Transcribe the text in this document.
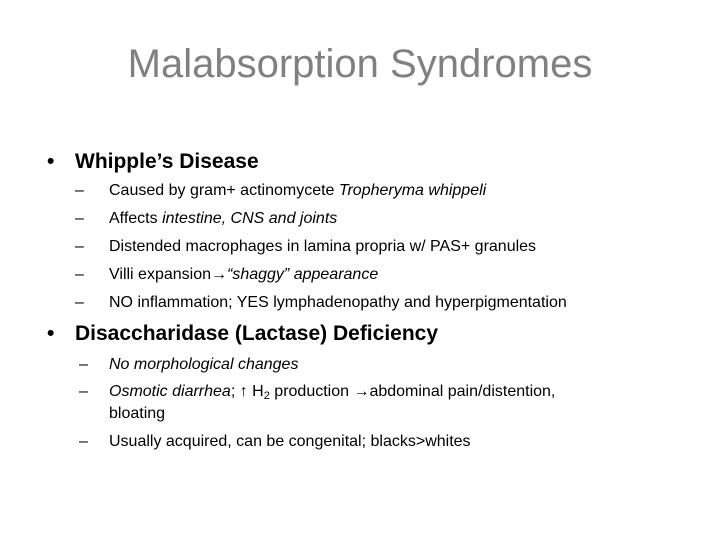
Malabsorption Syndromes
• Whipple’s Disease
– Caused by gram+ actinomycete Tropheryma whippeli
– Affects intestine, CNS and joints
– Distended macrophages in lamina propria w/ PAS+ granules
– Villi expansion→“shaggy” appearance
– NO inflammation; YES lymphadenopathy and hyperpigmentation
• Disaccharidase (Lactase) Deficiency
– No morphological changes
– Osmotic diarrhea; ↑ $H_2$ production →abdominal pain/distention,
bloating
– Usually acquired, can be congenital; blacks>whites
